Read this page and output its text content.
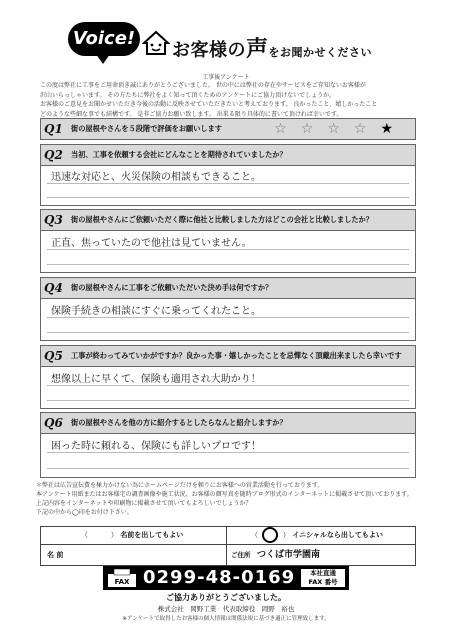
Voice!
お客様の声をお聞かせください
工事後アンケート
この度は弊社に工事をご用命頂き誠にありがとうございました。 世の中には弊社の存在やサービスをご存知ないお客様が
沢山いらっしゃいます。 その方たちに弊社をよく知って頂くためのアンケートにご協力頂けないでしょうか。
お客様のご意見をお聞かせいただき今後の活動に反映させていただきたいと考えております。 良かったこと、嬉しかったこと
どのような些細な事でも結構です。 是非ご協力お願い致します。 出来る限り具体的に書いて頂ければ幸いです。
Q1	街の屋根やさんを５段階で評価をお願いします	☆☆☆☆★
Q2	当初、工事を依頼する会社にどんなことを期待されていましたか？
迅速な対応と、火災保険の相談もできること。
Q3	街の屋根やさんにご依頼いただく際に他社と比較しました方はどこの会社と比較しましたか？
正直、焦っていたので他社は見ていません。
Q4	街の屋根やさんに工事をご依頼いただいた決め手は何ですか？
保険手続きの相談にすぐに乗ってくれたこと。
Q5	工事が終わってみていかがですか？良かった事・嬉しかったことを忌憚なく頂戴出来ましたら幸いです
想像以上に早くて、保険も適用され大助かり！
Q6	街の屋根やさんを他の方に紹介するとしたらなんと紹介しますか？
困った時に頼れる、保険にも詳しいプロです！
＊弊社は広告宣伝費を極力かけない為にホームページだけを頼りにお客様への営業活動を行っております。
本アンケート用紙またはお客様宅の調査画像や施工状況、お客様の顔写真を随時ブログ形式のインターネットに掲載させて頂いております。
上記内容をインターネットや印刷物に掲載させて頂いてもよろしいでしょうか？
下記の中から◯印をお付け下さい。
（	） 名前を出してもよい	（ ○ ） イニシャルなら出してもよい
名 前	ご住所 つくば市学園南
FAX 0299-48-0169	本社直通
FAX 番号
ご協力ありがとうございました。
株式会社　岡野工業　代表取締役　岡野　裕也
※アンケートで取得したお客様の個人情報は関係法規に基づき適正に管理致します。
